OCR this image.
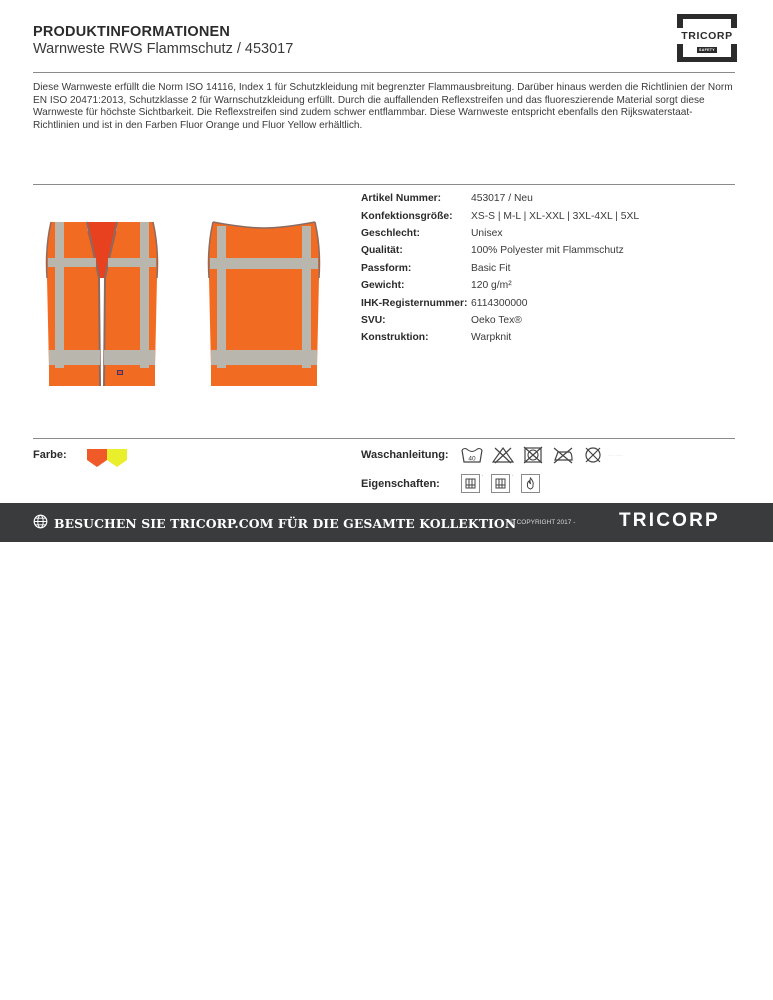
PRODUKTINFORMATIONEN
Warnweste RWS Flammschutz / 453017
TRICORP
SAFETY
Diese Warnweste erfüllt die Norm ISO 14116, Index 1 für Schutzkleidung mit begrenzter Flammausbreitung. Darüber hinaus werden die Richtlinien der Norm EN ISO 20471:2013, Schutzklasse 2 für Warnschutzkleidung erfüllt. Durch die auffallenden Reflexstreifen und das fluoreszierende Material sorgt diese Warnweste für höchste Sichtbarkeit. Die Reflexstreifen sind zudem schwer entflammbar. Diese Warnweste entspricht ebenfalls den Rijkswaterstaat-Richtlinien und ist in den Farben Fluor Orange und Fluor Yellow erhältlich.
Artikel Nummer:	453017 / Neu
Konfektionsgröße:	XS-S | M-L | XL-XXL | 3XL-4XL | 5XL
Geschlecht:	Unisex
Qualität:	100% Polyester mit Flammschutz
Passform:	Basic Fit
Gewicht:	120 g/m²
IHK-Registernummer: 6114300000
SVU:	Oeko Tex®
Konstruktion:	Warpknit
Farbe:	Waschanleitung:	40
···· ·· ·······
Eigenschaften:
·	·
BESUCHEN SIE TRICORP.COM FÜR DIE GESAMTE KOLLEKTION
© COPYRIGHT 2017 - TRICORP
